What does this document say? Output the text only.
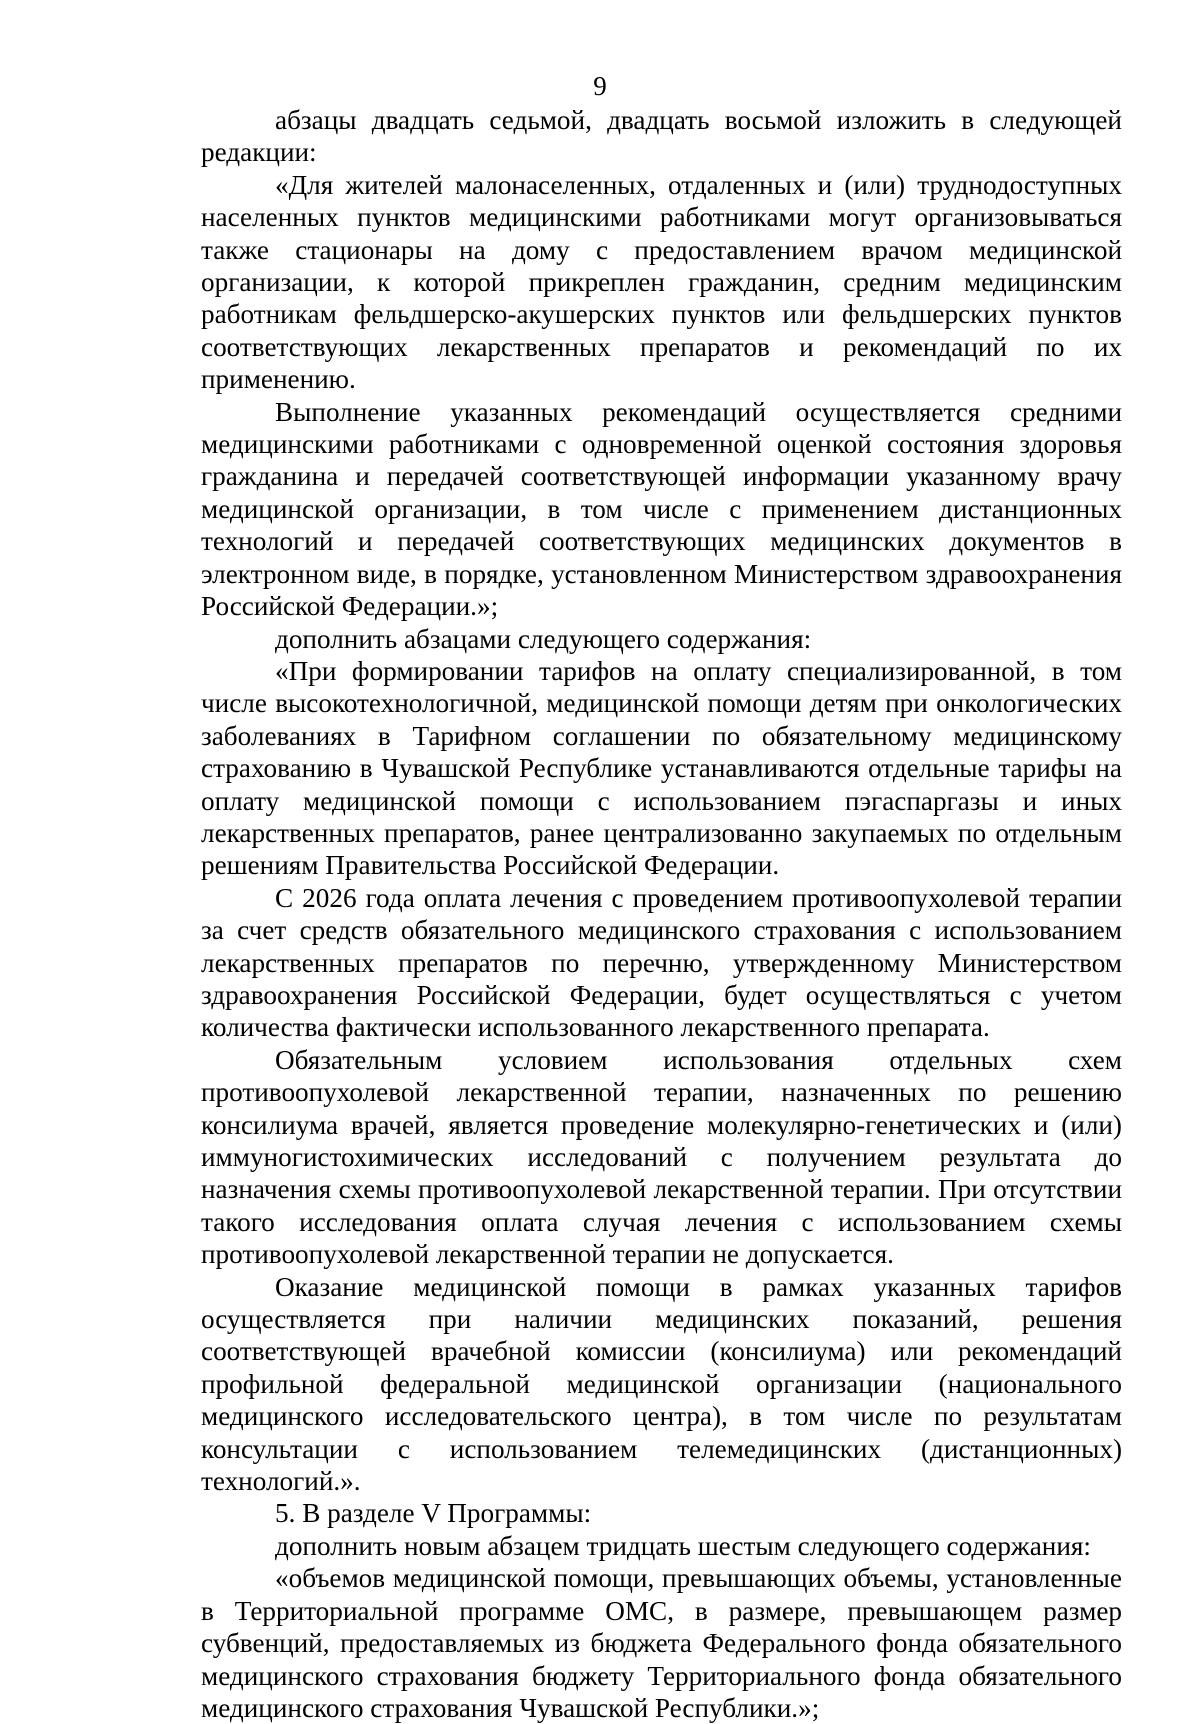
9

абзацы двадцать седьмой, двадцать восьмой изложить в следующей редакции:

«Для жителей малонаселенных, отдаленных и (или) труднодоступных населенных пунктов медицинскими работниками могут организовываться также стационары на дому с предоставлением врачом медицинской организации, к которой прикреплен гражданин, средним медицинским работникам фельдшерско-акушерских пунктов или фельдшерских пунктов соответствующих лекарственных препаратов и рекомендаций по их применению.

Выполнение указанных рекомендаций осуществляется средними медицинскими работниками с одновременной оценкой состояния здоровья гражданина и передачей соответствующей информации указанному врачу медицинской организации, в том числе с применением дистанционных технологий и передачей соответствующих медицинских документов в электронном виде, в порядке, установленном Министерством здравоохранения Российской Федерации.»;

дополнить абзацами следующего содержания:

«При формировании тарифов на оплату специализированной, в том числе высокотехнологичной, медицинской помощи детям при онкологических заболеваниях в Тарифном соглашении по обязательному медицинскому страхованию в Чувашской Республике устанавливаются отдельные тарифы на оплату медицинской помощи с использованием пэгаспаргазы и иных лекарственных препаратов, ранее централизованно закупаемых по отдельным решениям Правительства Российской Федерации.

С 2026 года оплата лечения с проведением противоопухолевой терапии за счет средств обязательного медицинского страхования с использованием лекарственных препаратов по перечню, утвержденному Министерством здравоохранения Российской Федерации, будет осуществляться с учетом количества фактически использованного лекарственного препарата.

Обязательным условием использования отдельных схем противоопухолевой лекарственной терапии, назначенных по решению консилиума врачей, является проведение молекулярно-генетических и (или) иммуногистохимических исследований с получением результата до назначения схемы противоопухолевой лекарственной терапии. При отсутствии такого исследования оплата случая лечения с использованием схемы противоопухолевой лекарственной терапии не допускается.

Оказание медицинской помощи в рамках указанных тарифов осуществляется при наличии медицинских показаний, решения соответствующей врачебной комиссии (консилиума) или рекомендаций профильной федеральной медицинской организации (национального медицинского исследовательского центра), в том числе по результатам консультации с использованием телемедицинских (дистанционных) технологий.».

5. В разделе V Программы:

дополнить новым абзацем тридцать шестым следующего содержания:

«объемов медицинской помощи, превышающих объемы, установленные в Территориальной программе ОМС, в размере, превышающем размер субвенций, предоставляемых из бюджета Федерального фонда обязательного медицинского страхования бюджету Территориального фонда обязательного медицинского страхования Чувашской Республики.»;
